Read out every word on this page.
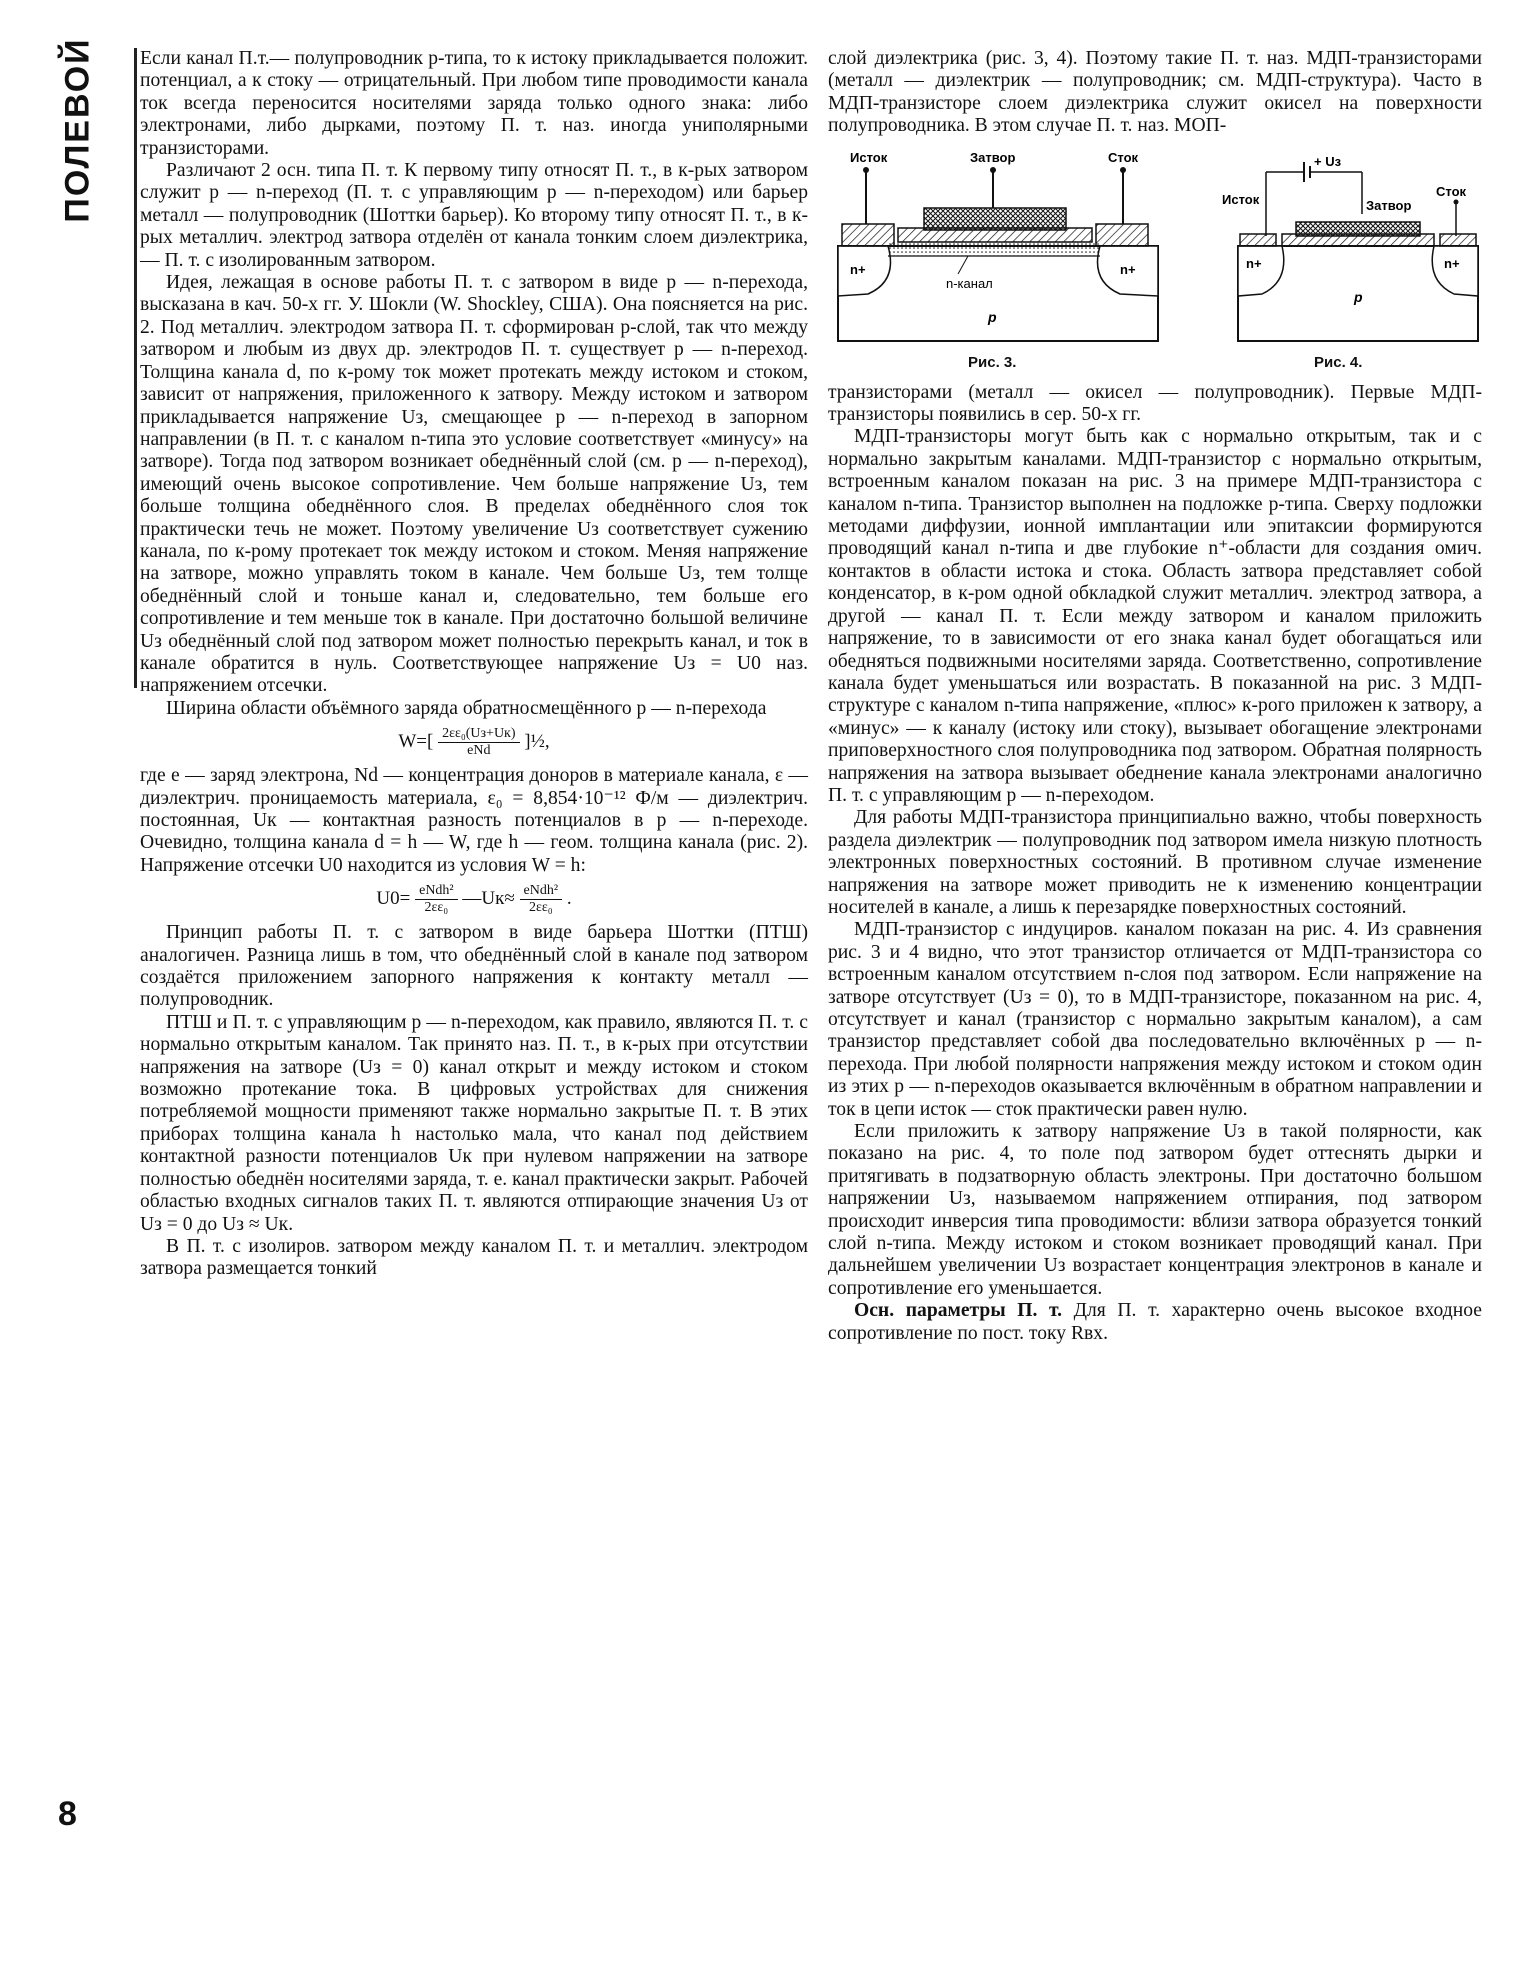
ПОЛЕВОЙ
8

Если канал П.т.— полупроводник p-типа, то к истоку прикладывается положит. потенциал, а к стоку — отрицательный. При любом типе проводимости канала ток всегда переносится носителями заряда только одного знака: либо электронами, либо дырками, поэтому П. т. наз. иногда униполярными транзисторами.

Различают 2 осн. типа П. т. К первому типу относят П. т., в к-рых затвором служит p — n-переход (П. т. с управляющим p — n-переходом) или барьер металл — полупроводник (Шоттки барьер). Ко второму типу относят П. т., в к-рых металлич. электрод затвора отделён от канала тонким слоем диэлектрика, — П. т. с изолированным затвором.

Идея, лежащая в основе работы П. т. с затвором в виде p — n-перехода, высказана в кач. 50-х гг. У. Шокли (W. Shockley, США). Она поясняется на рис. 2. Под металлич. электродом затвора П. т. сформирован p-слой, так что между затвором и любым из двух др. электродов П. т. существует p — n-переход. Толщина канала d, по к-рому ток может протекать между истоком и стоком, зависит от напряжения, приложенного к затвору. Между истоком и затвором прикладывается напряжение Uз, смещающее p — n-переход в запорном направлении (в П. т. с каналом n-типа это условие соответствует «минусу» на затворе). Тогда под затвором возникает обеднённый слой (см. p — n-переход), имеющий очень высокое сопротивление. Чем больше напряжение Uз, тем больше толщина обеднённого слоя. В пределах обеднённого слоя ток практически течь не может. Поэтому увеличение Uз соответствует сужению канала, по к-рому протекает ток между истоком и стоком. Меняя напряжение на затворе, можно управлять током в канале. Чем больше Uз, тем толще обеднённый слой и тоньше канал и, следовательно, тем больше его сопротивление и тем меньше ток в канале. При достаточно большой величине Uз обеднённый слой под затвором может полностью перекрыть канал, и ток в канале обратится в нуль. Соответствующее напряжение Uз = U0 наз. напряжением отсечки.

Ширина области объёмного заряда обратносмещённого p — n-перехода

$W=[ \frac{\text{2εε₀(Uз+Uк)}}{\text{eNd}}$ ]½,

где e — заряд электрона, Nd — концентрация доноров в материале канала, ε — диэлектрич. проницаемость материала, ε₀ = 8,854·10⁻¹² Ф/м — диэлектрич. постоянная, Uк — контактная разность потенциалов в p — n-переходе. Очевидно, толщина канала d = h — W, где h — геом. толщина канала (рис. 2). Напряжение отсечки U0 находится из условия W = h:

$U0= \frac{\text{eNdh²}}{\text{2εε₀}}$ —Uк≈ $\frac{\text{eNdh²}}{\text{2εε₀}}$ .

Принцип работы П. т. с затвором в виде барьера Шоттки (ПТШ) аналогичен. Разница лишь в том, что обеднённый слой в канале под затвором создаётся приложением запорного напряжения к контакту металл — полупроводник.

ПТШ и П. т. с управляющим p — n-переходом, как правило, являются П. т. с нормально открытым каналом. Так принято наз. П. т., в к-рых при отсутствии напряжения на затворе (Uз = 0) канал открыт и между истоком и стоком возможно протекание тока. В цифровых устройствах для снижения потребляемой мощности применяют также нормально закрытые П. т. В этих приборах толщина канала h настолько мала, что канал под действием контактной разности потенциалов Uк при нулевом напряжении на затворе полностью обеднён носителями заряда, т. е. канал практически закрыт. Рабочей областью входных сигналов таких П. т. являются отпирающие значения Uз от Uз = 0 до Uз ≈ Uк.

В П. т. с изолиров. затвором между каналом П. т. и металлич. электродом затвора размещается тонкий

слой диэлектрика (рис. 3, 4). Поэтому такие П. т. наз. МДП-транзисторами (металл — диэлектрик — полупроводник; см. МДП-структура). Часто в МДП-транзисторе слоем диэлектрика служит окисел на поверхности полупроводника. В этом случае П. т. наз. МОП-

Исток	Затвор	Сток
n+	n+
n-канал
p
Рис. 3.
+ Uз
Исток	Затвор
Сток
n+	n+
p
Рис. 4.

транзисторами (металл — окисел — полупроводник). Первые МДП-транзисторы появились в сер. 50-х гг.

МДП-транзисторы могут быть как с нормально открытым, так и с нормально закрытым каналами. МДП-транзистор с нормально открытым, встроенным каналом показан на рис. 3 на примере МДП-транзистора с каналом n-типа. Транзистор выполнен на подложке p-типа. Сверху подложки методами диффузии, ионной имплантации или эпитаксии формируются проводящий канал n-типа и две глубокие n⁺-области для создания омич. контактов в области истока и стока. Область затвора представляет собой конденсатор, в к-ром одной обкладкой служит металлич. электрод затвора, а другой — канал П. т. Если между затвором и каналом приложить напряжение, то в зависимости от его знака канал будет обогащаться или обедняться подвижными носителями заряда. Соответственно, сопротивление канала будет уменьшаться или возрастать. В показанной на рис. 3 МДП-структуре с каналом n-типа напряжение, «плюс» к-рого приложен к затвору, а «минус» — к каналу (истоку или стоку), вызывает обогащение электронами приповерхностного слоя полупроводника под затвором. Обратная полярность напряжения на затвора вызывает обеднение канала электронами аналогично П. т. с управляющим p — n-переходом.

Для работы МДП-транзистора принципиально важно, чтобы поверхность раздела диэлектрик — полупроводник под затвором имела низкую плотность электронных поверхностных состояний. В противном случае изменение напряжения на затворе может приводить не к изменению концентрации носителей в канале, а лишь к перезарядке поверхностных состояний.

МДП-транзистор с индуциров. каналом показан на рис. 4. Из сравнения рис. 3 и 4 видно, что этот транзистор отличается от МДП-транзистора со встроенным каналом отсутствием n-слоя под затвором. Если напряжение на затворе отсутствует (Uз = 0), то в МДП-транзисторе, показанном на рис. 4, отсутствует и канал (транзистор с нормально закрытым каналом), а сам транзистор представляет собой два последовательно включённых p — n-перехода. При любой полярности напряжения между истоком и стоком один из этих p — n-переходов оказывается включённым в обратном направлении и ток в цепи исток — сток практически равен нулю.

Если приложить к затвору напряжение Uз в такой полярности, как показано на рис. 4, то поле под затвором будет оттеснять дырки и притягивать в подзатворную область электроны. При достаточно большом напряжении Uз, называемом напряжением отпирания, под затвором происходит инверсия типа проводимости: вблизи затвора образуется тонкий слой n-типа. Между истоком и стоком возникает проводящий канал. При дальнейшем увеличении Uз возрастает концентрация электронов в канале и сопротивление его уменьшается.

Осн. параметры П. т. Для П. т. характерно очень высокое входное сопротивление по пост. току Rвх.
